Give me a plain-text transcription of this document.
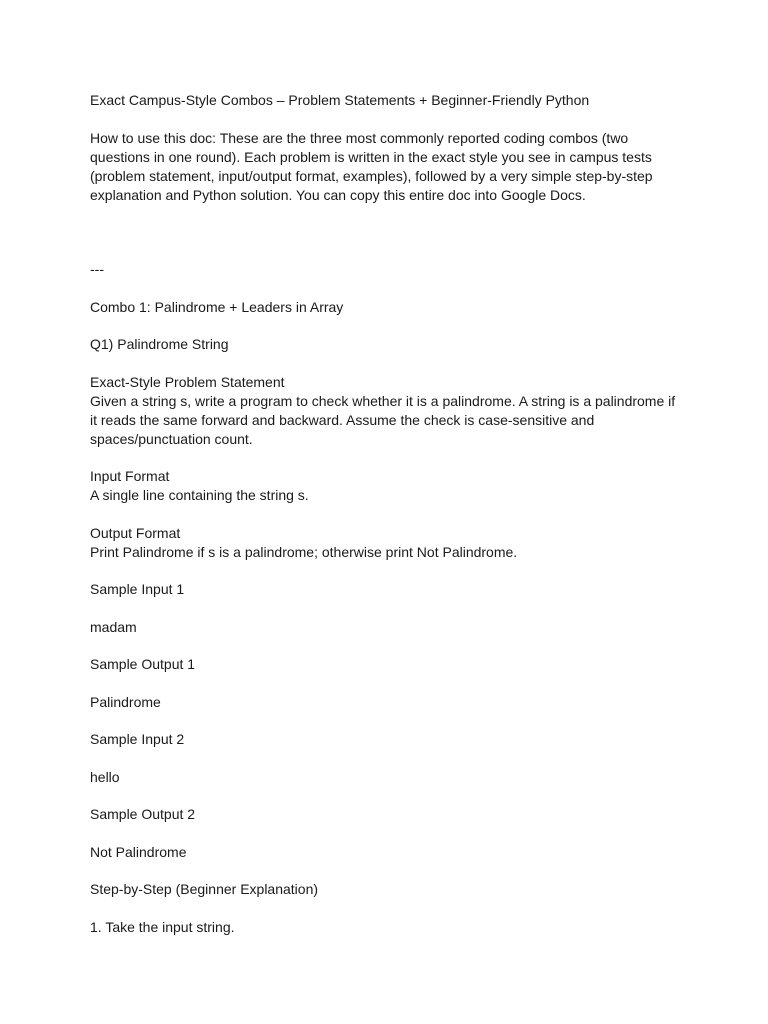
Exact Campus-Style Combos – Problem Statements + Beginner-Friendly Python

How to use this doc: These are the three most commonly reported coding combos (two questions in one round). Each problem is written in the exact style you see in campus tests (problem statement, input/output format, examples), followed by a very simple step-by-step explanation and Python solution. You can copy this entire doc into Google Docs.

---

Combo 1: Palindrome + Leaders in Array

Q1) Palindrome String

Exact-Style Problem Statement
Given a string s, write a program to check whether it is a palindrome. A string is a palindrome if it reads the same forward and backward. Assume the check is case-sensitive and spaces/punctuation count.
Input Format
A single line containing the string s.
Output Format
Print Palindrome if s is a palindrome; otherwise print Not Palindrome.

Sample Input 1

madam

Sample Output 1

Palindrome

Sample Input 2

hello

Sample Output 2

Not Palindrome

Step-by-Step (Beginner Explanation)

1. Take the input string.
